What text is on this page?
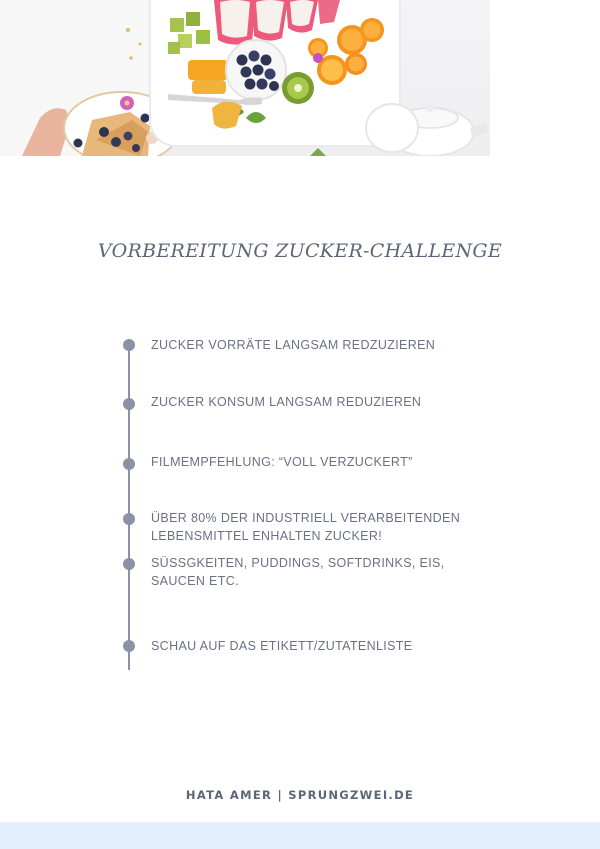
VORBEREITUNG ZUCKER-CHALLENGE
ZUCKER VORRÄTE LANGSAM REDZUZIEREN
ZUCKER KONSUM LANGSAM REDUZIEREN
FILMEMPFEHLUNG: “VOLL VERZUCKERT”
ÜBER 80% DER INDUSTRIELL VERARBEITENDEN LEBENSMITTEL ENHALTEN ZUCKER!
SÜSSGKEITEN, PUDDINGS, SOFTDRINKS, EIS, SAUCEN ETC.
SCHAU AUF DAS ETIKETT/ZUTATENLISTE
HATA AMER | SPRUNGZWEI.DE
